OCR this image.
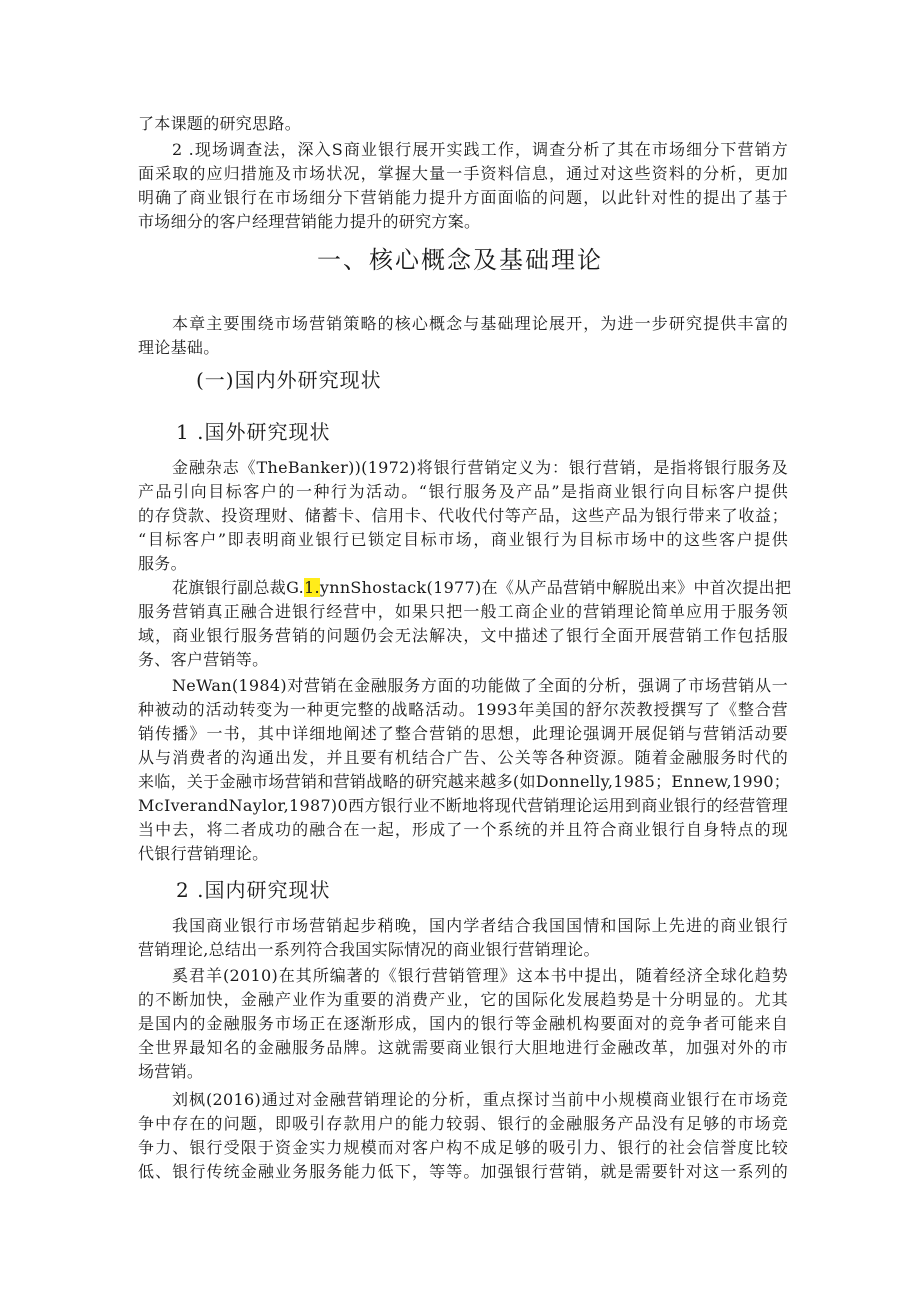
了本课题的研究思路。
2 .现场调查法，深入S商业银行展开实践工作，调查分析了其在市场细分下营销方
面采取的应归措施及市场状况，掌握大量一手资料信息，通过对这些资料的分析，更加
明确了商业银行在市场细分下营销能力提升方面面临的问题，以此针对性的提出了基于
市场细分的客户经理营销能力提升的研究方案。
一、核心概念及基础理论
本章主要围绕市场营销策略的核心概念与基础理论展开，为进一步研究提供丰富的
理论基础。
(一)国内外研究现状
1 .国外研究现状
金融杂志《TheBanker))(1972)将银行营销定义为：银行营销，是指将银行服务及
产品引向目标客户的一种行为活动。“银行服务及产品”是指商业银行向目标客户提供
的存贷款、投资理财、储蓄卡、信用卡、代收代付等产品，这些产品为银行带来了收益；
“目标客户”即表明商业银行已锁定目标市场，商业银行为目标市场中的这些客户提供
服务。
花旗银行副总裁G.1.ynnShostack(1977)在《从产品营销中解脱出来》中首次提出把
服务营销真正融合进银行经营中，如果只把一般工商企业的营销理论简单应用于服务领
域，商业银行服务营销的问题仍会无法解决，文中描述了银行全面开展营销工作包括服
务、客户营销等。
NeWan(1984)对营销在金融服务方面的功能做了全面的分析，强调了市场营销从一
种被动的活动转变为一种更完整的战略活动。1993年美国的舒尔茨教授撰写了《整合营
销传播》一书，其中详细地阐述了整合营销的思想，此理论强调开展促销与营销活动要
从与消费者的沟通出发，并且要有机结合广告、公关等各种资源。随着金融服务时代的
来临，关于金融市场营销和营销战略的研究越来越多(如Donnelly,1985；Ennew,1990；
McIverandNaylor,1987)0西方银行业不断地将现代营销理论运用到商业银行的经营管理
当中去，将二者成功的融合在一起，形成了一个系统的并且符合商业银行自身特点的现
代银行营销理论。
2 .国内研究现状
我国商业银行市场营销起步稍晚，国内学者结合我国国情和国际上先进的商业银行
营销理论,总结出一系列符合我国实际情况的商业银行营销理论。
奚君羊(2010)在其所编著的《银行营销管理》这本书中提出，随着经济全球化趋势
的不断加快，金融产业作为重要的消费产业，它的国际化发展趋势是十分明显的。尤其
是国内的金融服务市场正在逐渐形成，国内的银行等金融机构要面对的竞争者可能来自
全世界最知名的金融服务品牌。这就需要商业银行大胆地进行金融改革，加强对外的市
场营销。
刘枫(2016)通过对金融营销理论的分析，重点探讨当前中小规模商业银行在市场竞
争中存在的问题，即吸引存款用户的能力较弱、银行的金融服务产品没有足够的市场竞
争力、银行受限于资金实力规模而对客户构不成足够的吸引力、银行的社会信誉度比较
低、银行传统金融业务服务能力低下，等等。加强银行营销，就是需要针对这一系列的
